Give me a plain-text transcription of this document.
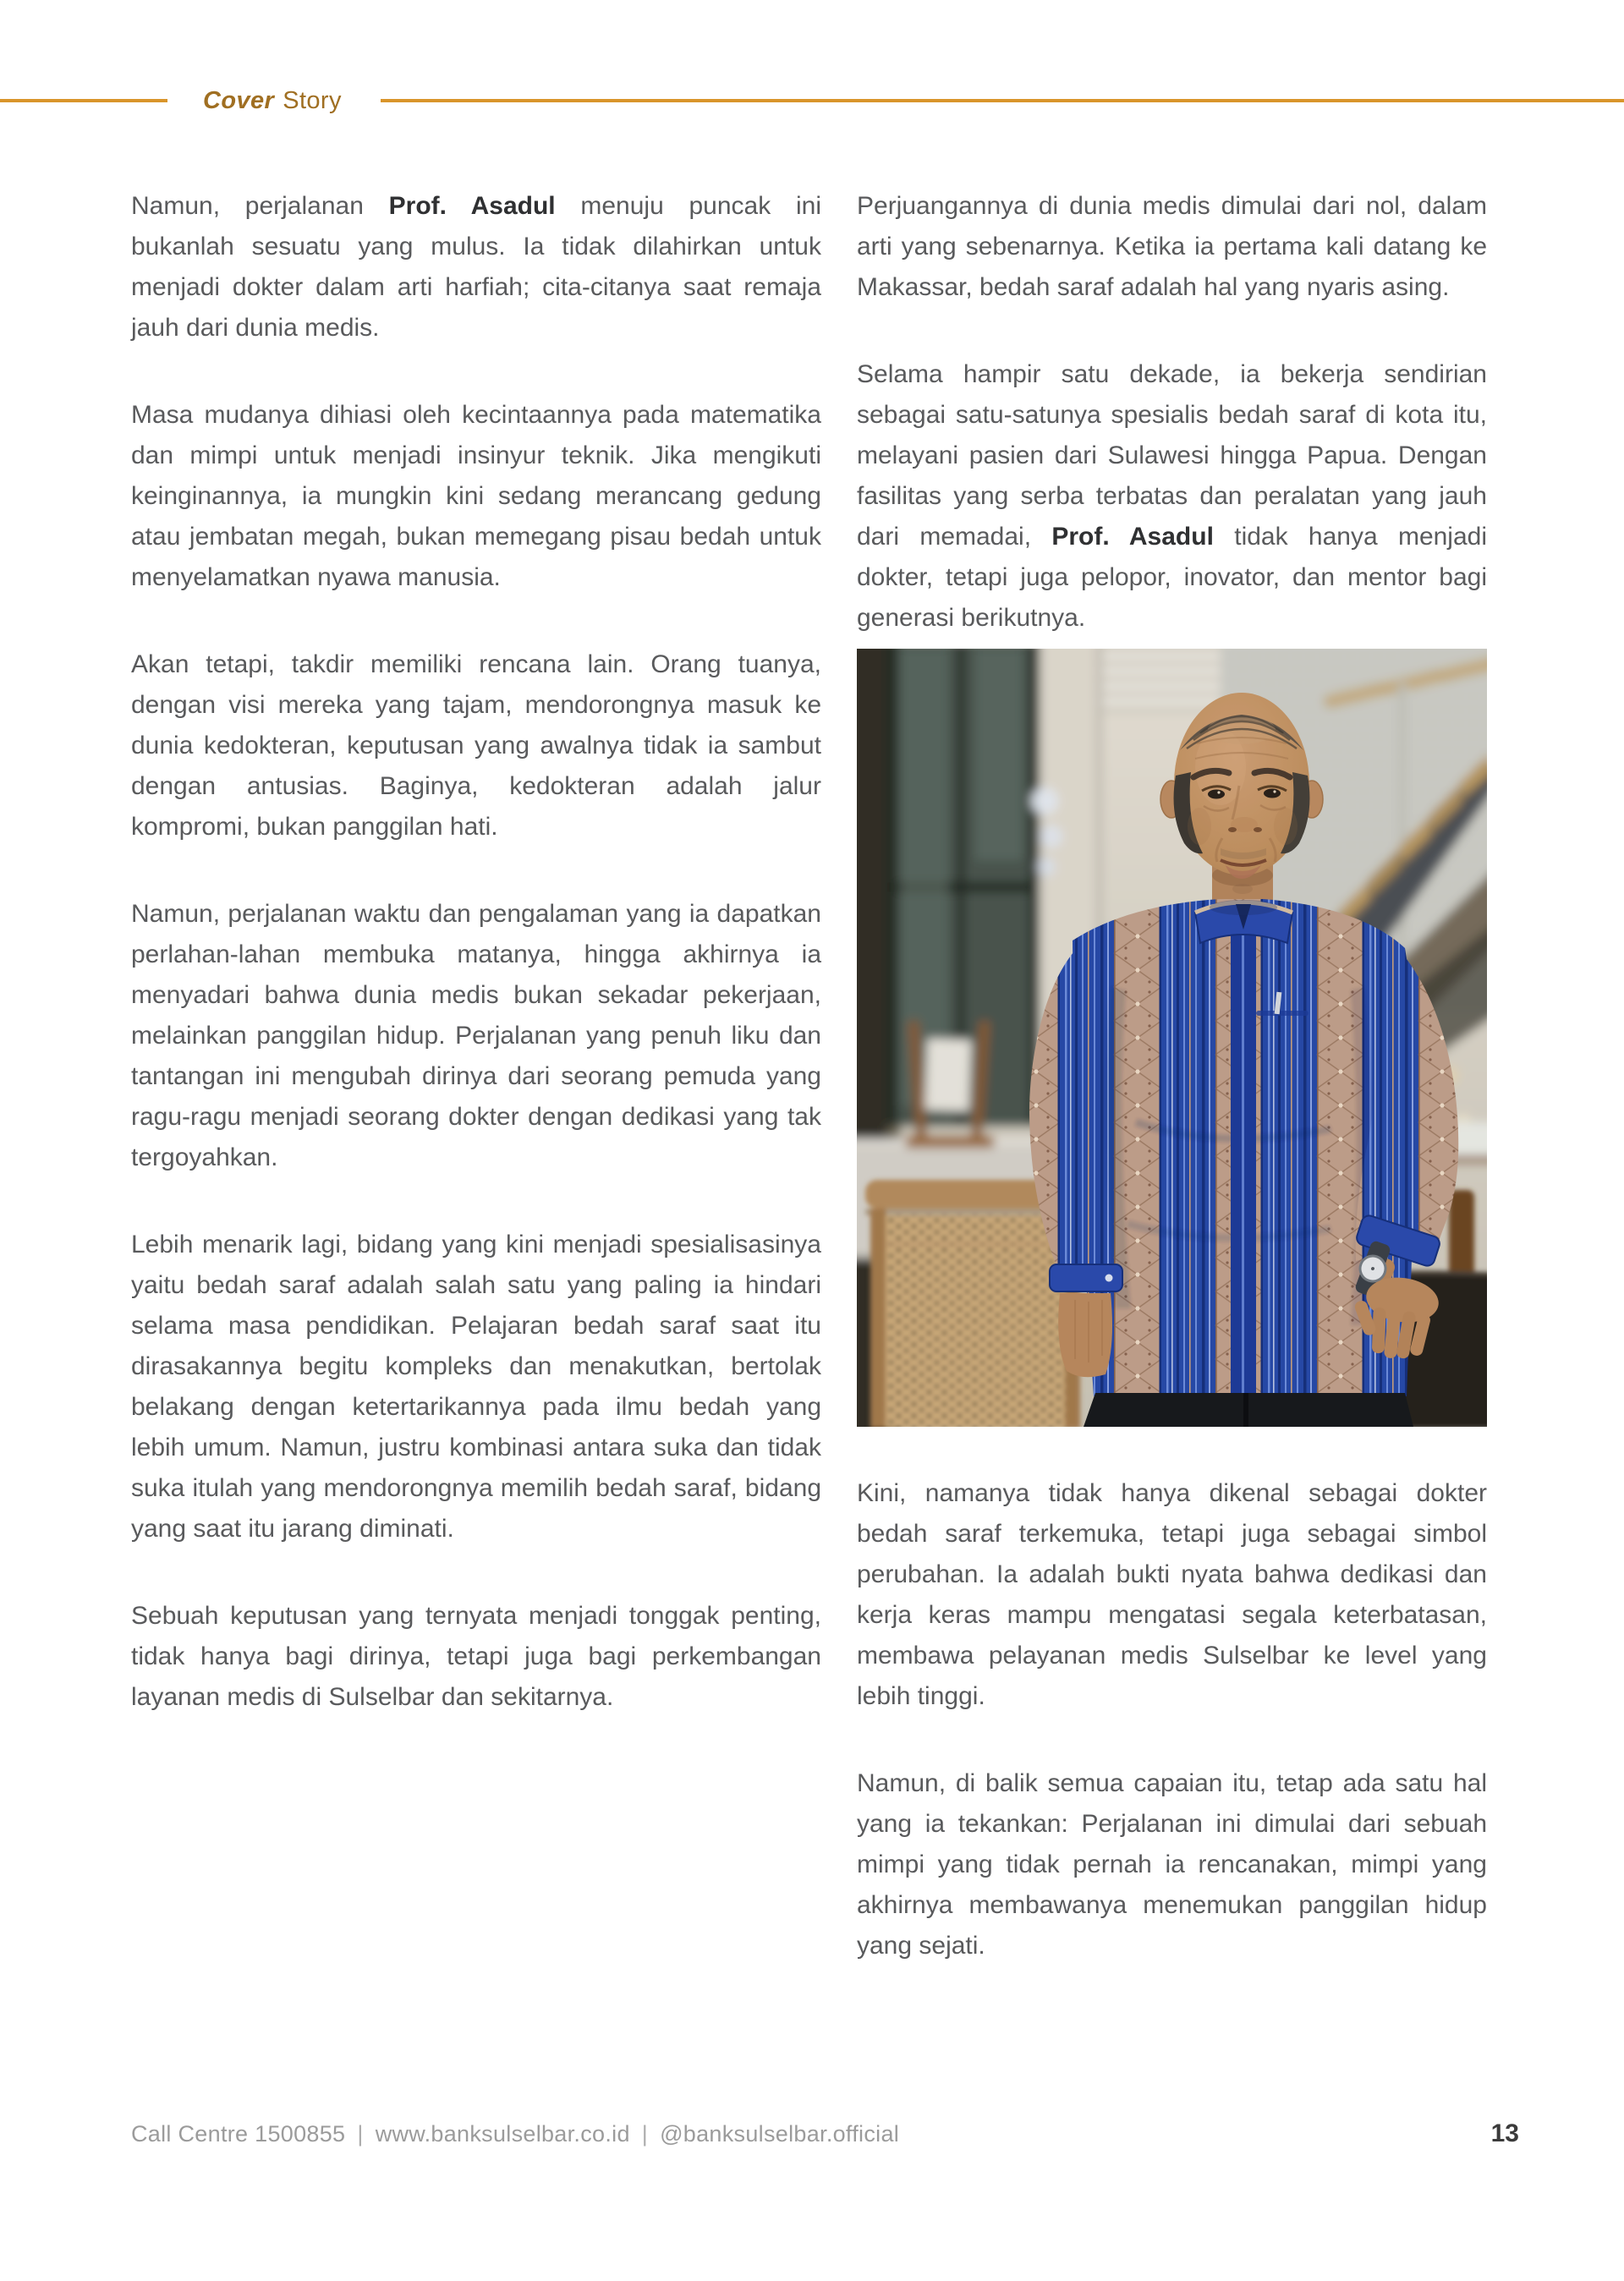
Cover Story

Namun, perjalanan Prof. Asadul menuju puncak ini bukanlah sesuatu yang mulus. Ia tidak dilahirkan untuk menjadi dokter dalam arti harfiah; cita-citanya saat remaja jauh dari dunia medis.

Masa mudanya dihiasi oleh kecintaannya pada matematika dan mimpi untuk menjadi insinyur teknik. Jika mengikuti keinginannya, ia mungkin kini sedang merancang gedung atau jembatan megah, bukan memegang pisau bedah untuk menyelamatkan nyawa manusia.

Akan tetapi, takdir memiliki rencana lain. Orang tuanya, dengan visi mereka yang tajam, mendorongnya masuk ke dunia kedokteran, keputusan yang awalnya tidak ia sambut dengan antusias. Baginya, kedokteran adalah jalur kompromi, bukan panggilan hati.

Namun, perjalanan waktu dan pengalaman yang ia dapatkan perlahan-lahan membuka matanya, hingga akhirnya ia menyadari bahwa dunia medis bukan sekadar pekerjaan, melainkan panggilan hidup. Perjalanan yang penuh liku dan tantangan ini mengubah dirinya dari seorang pemuda yang ragu-ragu menjadi seorang dokter dengan dedikasi yang tak tergoyahkan.

Lebih menarik lagi, bidang yang kini menjadi spesialisasinya yaitu bedah saraf adalah salah satu yang paling ia hindari selama masa pendidikan. Pelajaran bedah saraf saat itu dirasakannya begitu kompleks dan menakutkan, bertolak belakang dengan ketertarikannya pada ilmu bedah yang lebih umum. Namun, justru kombinasi antara suka dan tidak suka itulah yang mendorongnya memilih bedah saraf, bidang yang saat itu jarang diminati.

Sebuah keputusan yang ternyata menjadi tonggak penting, tidak hanya bagi dirinya, tetapi juga bagi perkembangan layanan medis di Sulselbar dan sekitarnya.

Perjuangannya di dunia medis dimulai dari nol, dalam arti yang sebenarnya. Ketika ia pertama kali datang ke Makassar, bedah saraf adalah hal yang nyaris asing.

Selama hampir satu dekade, ia bekerja sendirian sebagai satu-satunya spesialis bedah saraf di kota itu, melayani pasien dari Sulawesi hingga Papua. Dengan fasilitas yang serba terbatas dan peralatan yang jauh dari memadai, Prof. Asadul tidak hanya menjadi dokter, tetapi juga pelopor, inovator, dan mentor bagi generasi berikutnya.

Kini, namanya tidak hanya dikenal sebagai dokter bedah saraf terkemuka, tetapi juga sebagai simbol perubahan. Ia adalah bukti nyata bahwa dedikasi dan kerja keras mampu mengatasi segala keterbatasan, membawa pelayanan medis Sulselbar ke level yang lebih tinggi.

Namun, di balik semua capaian itu, tetap ada satu hal yang ia tekankan: Perjalanan ini dimulai dari sebuah mimpi yang tidak pernah ia rencanakan, mimpi yang akhirnya membawanya menemukan panggilan hidup yang sejati.

Call Centre 1500855 | www.banksulselbar.co.id | @banksulselbar.official	13
